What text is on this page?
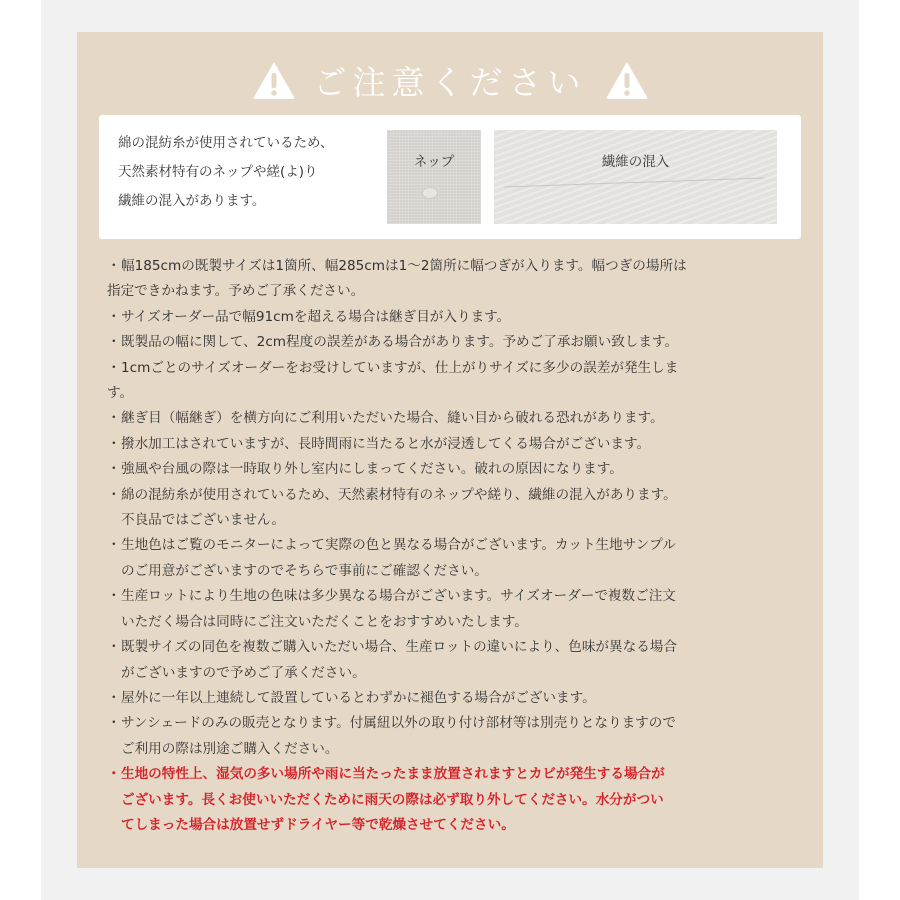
ご注意ください
綿の混紡糸が使用されているため、
天然素材特有のネップや縒(よ)り
繊維の混入があります。
ネップ	繊維の混入
・ 幅185cmの既製サイズは1箇所、幅285cmは1～2箇所に幅つぎが入ります。幅つぎの場所は
指定できかねます。予めご了承ください。
・ サイズオーダー品で幅91cmを超える場合は継ぎ目が入ります。
・ 既製品の幅に関して、2cm程度の誤差がある場合があります。予めご了承お願い致します。
・ 1cmごとのサイズオーダーをお受けしていますが、仕上がりサイズに多少の誤差が発生しま
す。
・ 継ぎ目（幅継ぎ）を横方向にご利用いただいた場合、縫い目から破れる恐れがあります。
・ 撥水加工はされていますが、長時間雨に当たると水が浸透してくる場合がございます。
・ 強風や台風の際は一時取り外し室内にしまってください。破れの原因になります。
・ 綿の混紡糸が使用されているため、天然素材特有のネップや縒り、繊維の混入があります。
不良品ではございません。
・ 生地色はご覧のモニターによって実際の色と異なる場合がございます。カット生地サンプル
のご用意がございますのでそちらで事前にご確認ください。
・ 生産ロットにより生地の色味は多少異なる場合がございます。サイズオーダーで複数ご注文
いただく場合は同時にご注文いただくことをおすすめいたします。
・ 既製サイズの同色を複数ご購入いただい場合、生産ロットの違いにより、色味が異なる場合
がございますので予めご了承ください。
・ 屋外に一年以上連続して設置しているとわずかに褪色する場合がございます。
・ サンシェードのみの販売となります。付属紐以外の取り付け部材等は別売りとなりますので
ご利用の際は別途ご購入ください。
・ 生地の特性上、湿気の多い場所や雨に当たったまま放置されますとカビが発生する場合が
ございます。長くお使いいただくために雨天の際は必ず取り外してください。水分がつい
てしまった場合は放置せずドライヤー等で乾燥させてください。
